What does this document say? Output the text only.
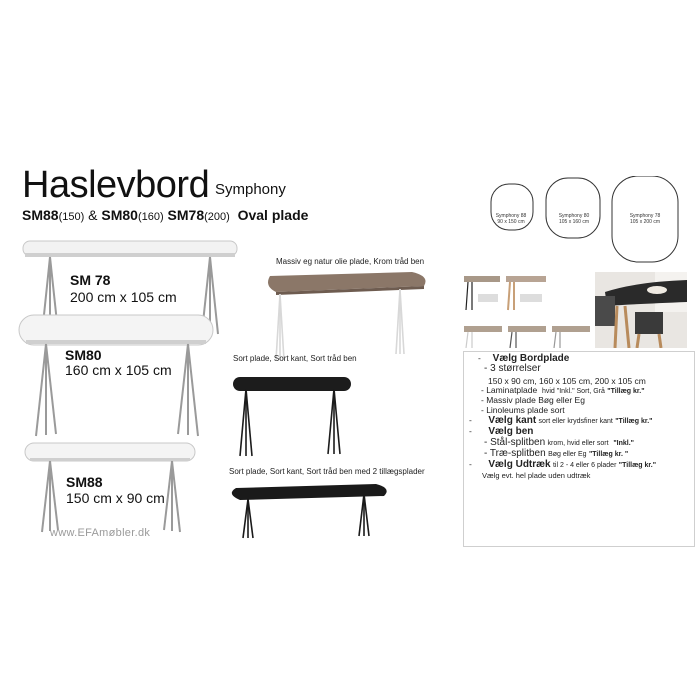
Haslevbord Symphony
SM88(150) & SM80(160) SM78(200) Oval plade
SM 78
200 cm x 105 cm
SM80
160 cm x 105 cm
SM88
150 cm x 90 cm
www.EFAmøbler.dk
Massiv eg natur olie plade, Krom tråd ben
Sort plade, Sort kant, Sort tråd ben
Sort plade, Sort kant, Sort tråd ben med 2 tillægsplader
Symphony 88
90 x 150 cm
Symphony 80
105 x 160 cm
Symphony 78
105 x 200 cm
- Vælg Bordplade
- 3 størrelser
150 x 90 cm, 160 x 105 cm, 200 x 105 cm
- Laminatplade hvid "Inkl." Sort, Grå "Tillæg kr."
- Massiv plade Bøg eller Eg
- Linoleums plade sort
- Vælg kant sort eller krydsfiner kant "Tillæg kr."
- Vælg ben
- Stål-splitben krom, hvid eller sort "Inkl."
- Træ-splitben Bøg eller Eg "Tillæg kr. "
- Vælg Udtræk til 2 - 4 eller 6 plader "Tillæg kr."
Vælg evt. hel plade uden udtræk
